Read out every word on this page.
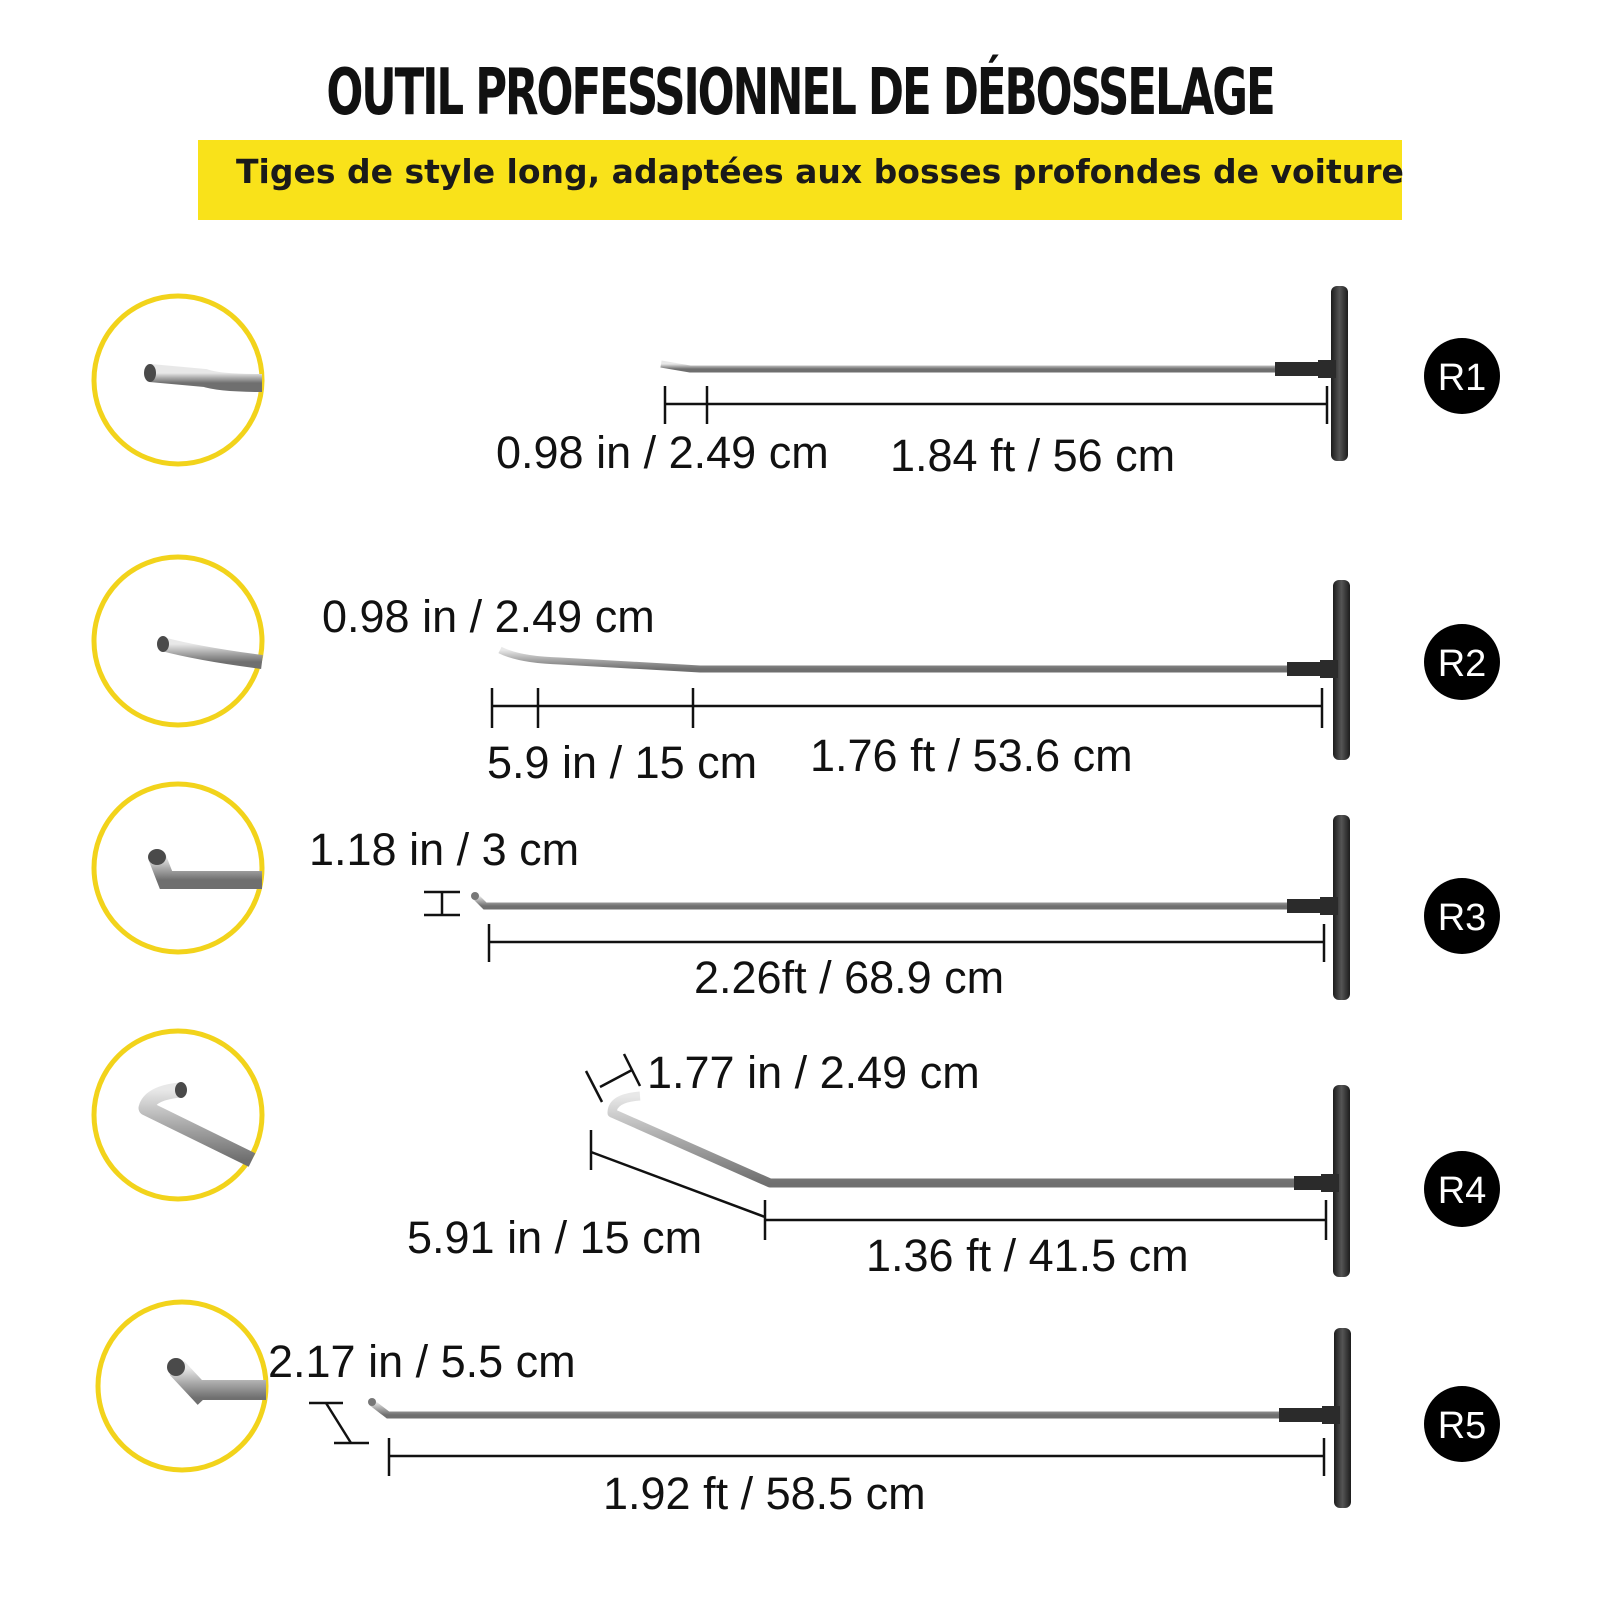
OUTIL PROFESSIONNEL DE DÉBOSSELAGE
Tiges de style long, adaptées aux bosses profondes de voiture
0.98 in / 2.49 cm 1.84 ft / 56 cm
R1
0.98 in / 2.49 cm
5.9 in / 15 cm 1.76 ft / 53.6 cm
R2
1.18 in / 3 cm
2.26ft / 68.9 cm
R3
1.77 in / 2.49 cm
5.91 in / 15 cm	1.36 ft / 41.5 cm
R4
2.17 in / 5.5 cm
1.92 ft / 58.5 cm
R5
